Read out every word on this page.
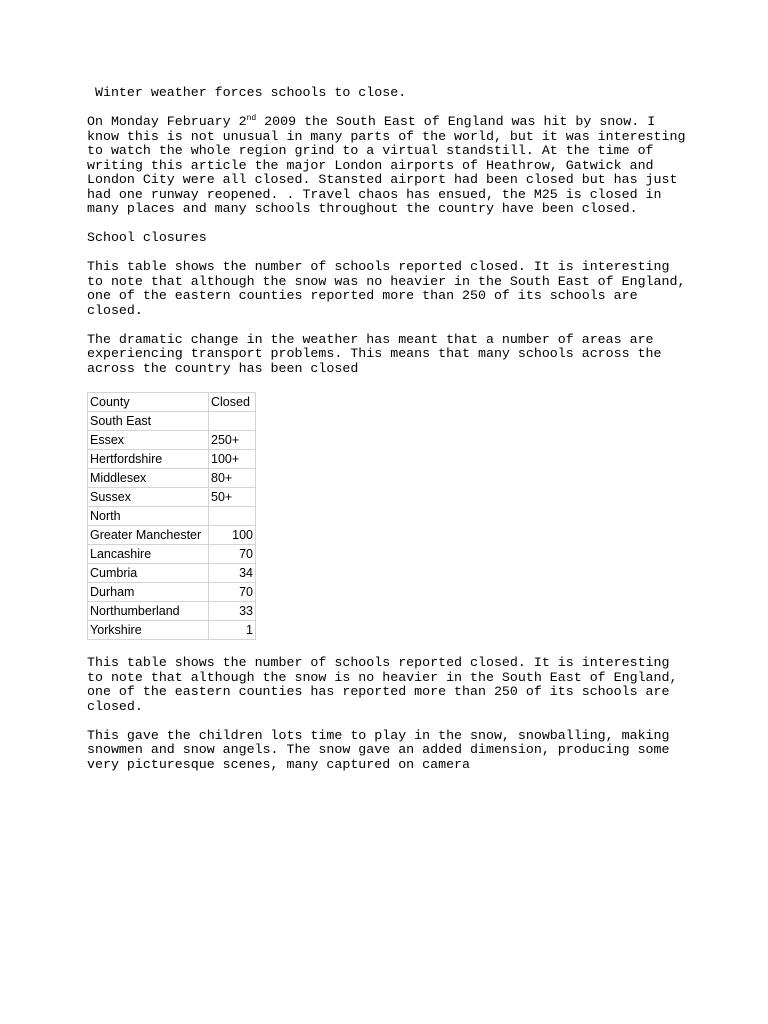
Winter weather forces schools to close.

On Monday February 2nd 2009 the South East of England was hit by snow. I know this is not unusual in many parts of the world, but it was interesting to watch the whole region grind to a virtual standstill. At the time of writing this article the major London airports of Heathrow, Gatwick and London City were all closed. Stansted airport had been closed but has just had one runway reopened. . Travel chaos has ensued, the M25 is closed in many places and many schools throughout the country have been closed.

School closures

This table shows the number of schools reported closed. It is interesting to note that although the snow was no heavier in the South East of England, one of the eastern counties reported more than 250 of its schools are closed.

The dramatic change in the weather has meant that a number of areas are experiencing transport problems. This means that many schools across the across the country has been closed

County	Closed
South East	
Essex	250+
Hertfordshire	100+
Middlesex	80+
Sussex	50+
North	
Greater Manchester	100
Lancashire	70
Cumbria	34
Durham	70
Northumberland	33
Yorkshire	1

This table shows the number of schools reported closed. It is interesting to note that although the snow is no heavier in the South East of England, one of the eastern counties has reported more than 250 of its schools are closed.

This gave the children lots time to play in the snow, snowballing, making snowmen and snow angels. The snow gave an added dimension, producing some very picturesque scenes, many captured on camera
